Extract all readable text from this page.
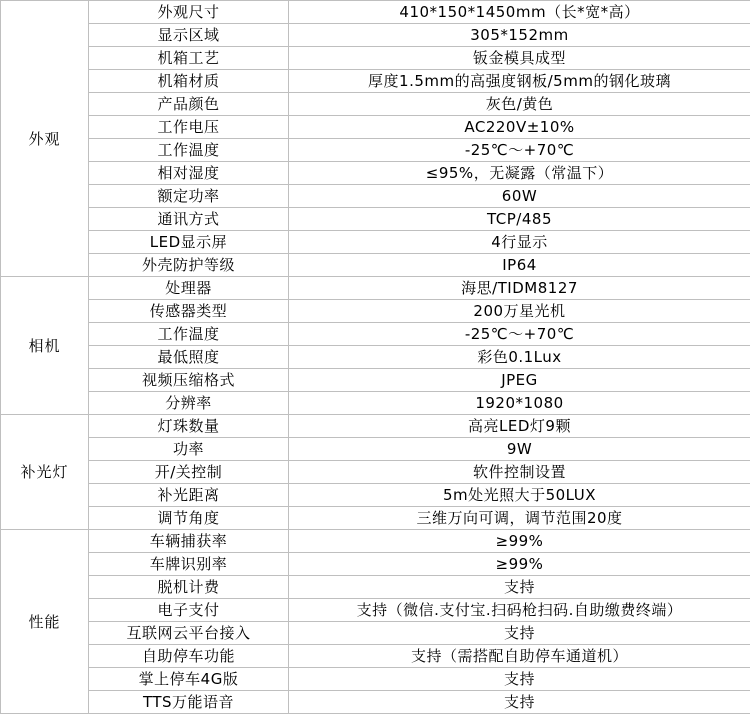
外观	外观尺寸	410*150*1450mm（长*宽*高）
	显示区域	305*152mm
	机箱工艺	钣金模具成型
	机箱材质	厚度1.5mm的高强度钢板/5mm的钢化玻璃
	产品颜色	灰色/黄色
	工作电压	AC220V±10%
	工作温度	-25℃～+70℃
	相对湿度	≤95%，无凝露（常温下）
	额定功率	60W
	通讯方式	TCP/485
	LED显示屏	4行显示
	外壳防护等级	IP64
相机	处理器	海思/TIDM8127
	传感器类型	200万星光机
	工作温度	-25℃～+70℃
	最低照度	彩色0.1Lux
	视频压缩格式	JPEG
	分辨率	1920*1080
补光灯	灯珠数量	高亮LED灯9颗
	功率	9W
	开/关控制	软件控制设置
	补光距离	5m处光照大于50LUX
	调节角度	三维万向可调，调节范围20度
性能	车辆捕获率	≥99%
	车牌识别率	≥99%
	脱机计费	支持
	电子支付	支持（微信.支付宝.扫码枪扫码.自助缴费终端）
	互联网云平台接入	支持
	自助停车功能	支持（需搭配自助停车通道机）
	掌上停车4G版	支持
	TTS万能语音	支持
